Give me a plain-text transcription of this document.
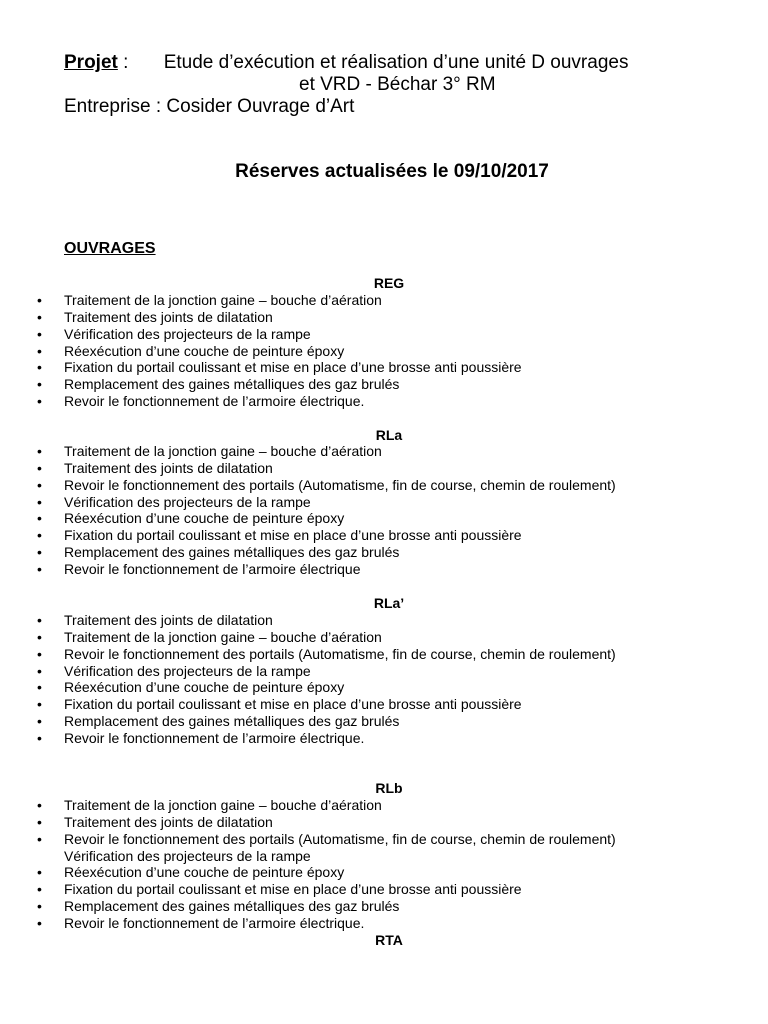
Projet : Etude d’exécution et réalisation d’une unité D ouvrages
et VRD - Béchar 3° RM
Entreprise : Cosider Ouvrage d’Art
Réserves actualisées le 09/10/2017
OUVRAGES
REG
• Traitement de la jonction gaine – bouche d’aération
• Traitement des joints de dilatation
• Vérification des projecteurs de la rampe
• Réexécution d’une couche de peinture époxy
• Fixation du portail coulissant et mise en place d’une brosse anti poussière
• Remplacement des gaines métalliques des gaz brulés
• Revoir le fonctionnement de l’armoire électrique.
RLa
• Traitement de la jonction gaine – bouche d’aération
• Traitement des joints de dilatation
• Revoir le fonctionnement des portails (Automatisme, fin de course, chemin de roulement)
• Vérification des projecteurs de la rampe
• Réexécution d’une couche de peinture époxy
• Fixation du portail coulissant et mise en place d’une brosse anti poussière
• Remplacement des gaines métalliques des gaz brulés
• Revoir le fonctionnement de l’armoire électrique
RLa’
• Traitement des joints de dilatation
• Traitement de la jonction gaine – bouche d’aération
• Revoir le fonctionnement des portails (Automatisme, fin de course, chemin de roulement)
• Vérification des projecteurs de la rampe
• Réexécution d’une couche de peinture époxy
• Fixation du portail coulissant et mise en place d’une brosse anti poussière
• Remplacement des gaines métalliques des gaz brulés
• Revoir le fonctionnement de l’armoire électrique.
RLb
• Traitement de la jonction gaine – bouche d’aération
• Traitement des joints de dilatation
• Revoir le fonctionnement des portails (Automatisme, fin de course, chemin de roulement)
Vérification des projecteurs de la rampe
• Réexécution d’une couche de peinture époxy
• Fixation du portail coulissant et mise en place d’une brosse anti poussière
• Remplacement des gaines métalliques des gaz brulés
• Revoir le fonctionnement de l’armoire électrique.
RTA
